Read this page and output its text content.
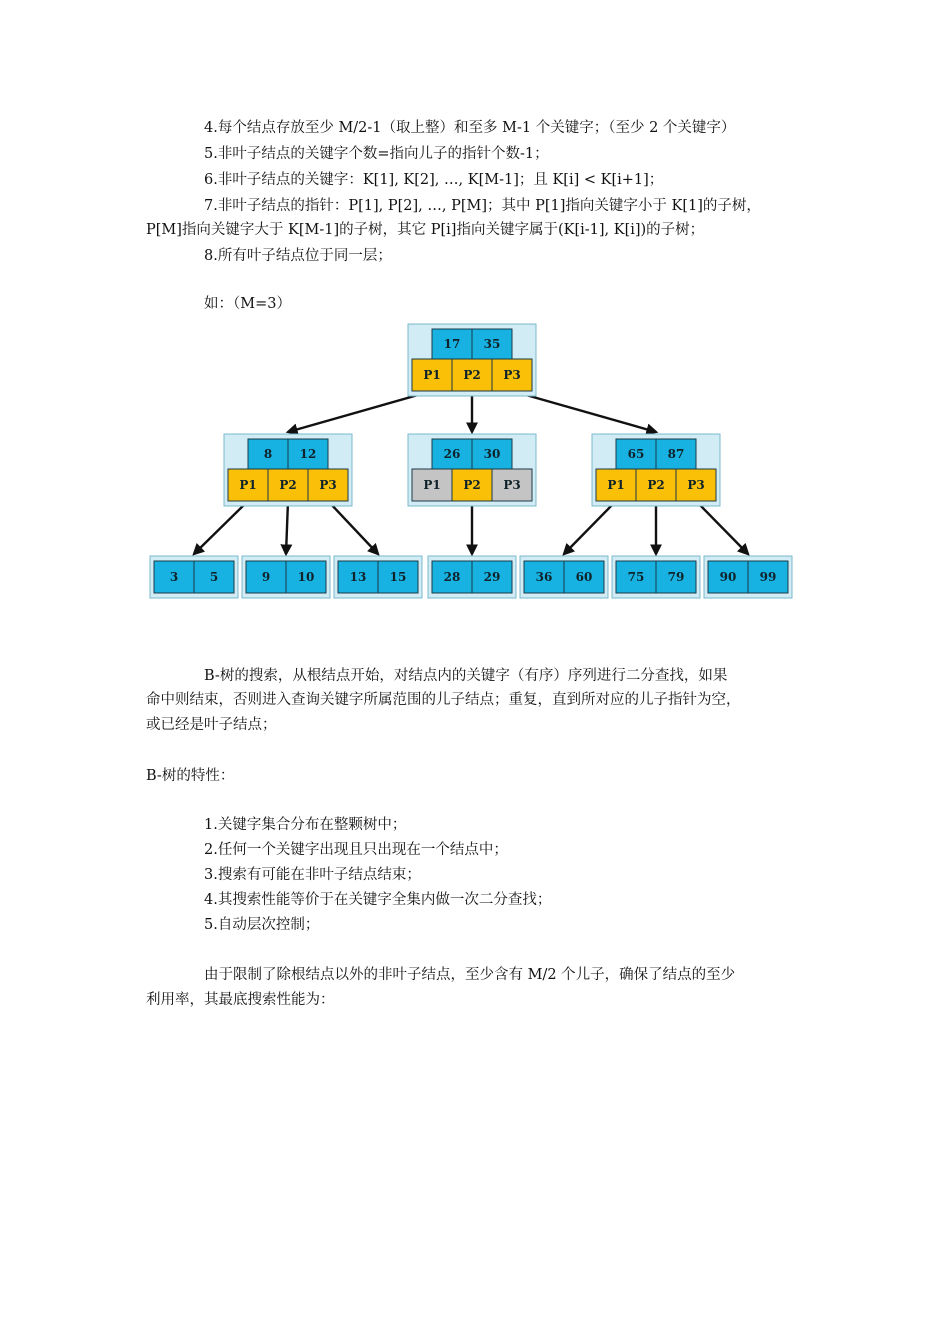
4.每个结点存放至少 M/2-1（取上整）和至多 M-1 个关键字；（至少 2 个关键字）
5.非叶子结点的关键字个数=指向儿子的指针个数-1；
6.非叶子结点的关键字：K[1], K[2], …, K[M-1]；且 K[i] < K[i+1]；
7.非叶子结点的指针：P[1], P[2], …, P[M]；其中 P[1]指向关键字小于 K[1]的子树，
P[M]指向关键字大于 K[M-1]的子树，其它 P[i]指向关键字属于(K[i-1], K[i])的子树；
8.所有叶子结点位于同一层；
如：（M=3）
17 35
P1 P2 P3
8 12
P1 P2 P3
26 30
P1 P2 P3
65 87
P1 P2 P3
3	5	9 10	13 15	28 29	36 60	75 79	90 99
B-树的搜索，从根结点开始，对结点内的关键字（有序）序列进行二分查找，如果
命中则结束，否则进入查询关键字所属范围的儿子结点；重复，直到所对应的儿子指针为空，
或已经是叶子结点；
B-树的特性：
1.关键字集合分布在整颗树中；
2.任何一个关键字出现且只出现在一个结点中；
3.搜索有可能在非叶子结点结束；
4.其搜索性能等价于在关键字全集内做一次二分查找；
5.自动层次控制；
由于限制了除根结点以外的非叶子结点，至少含有 M/2 个儿子，确保了结点的至少
利用率，其最底搜索性能为：
